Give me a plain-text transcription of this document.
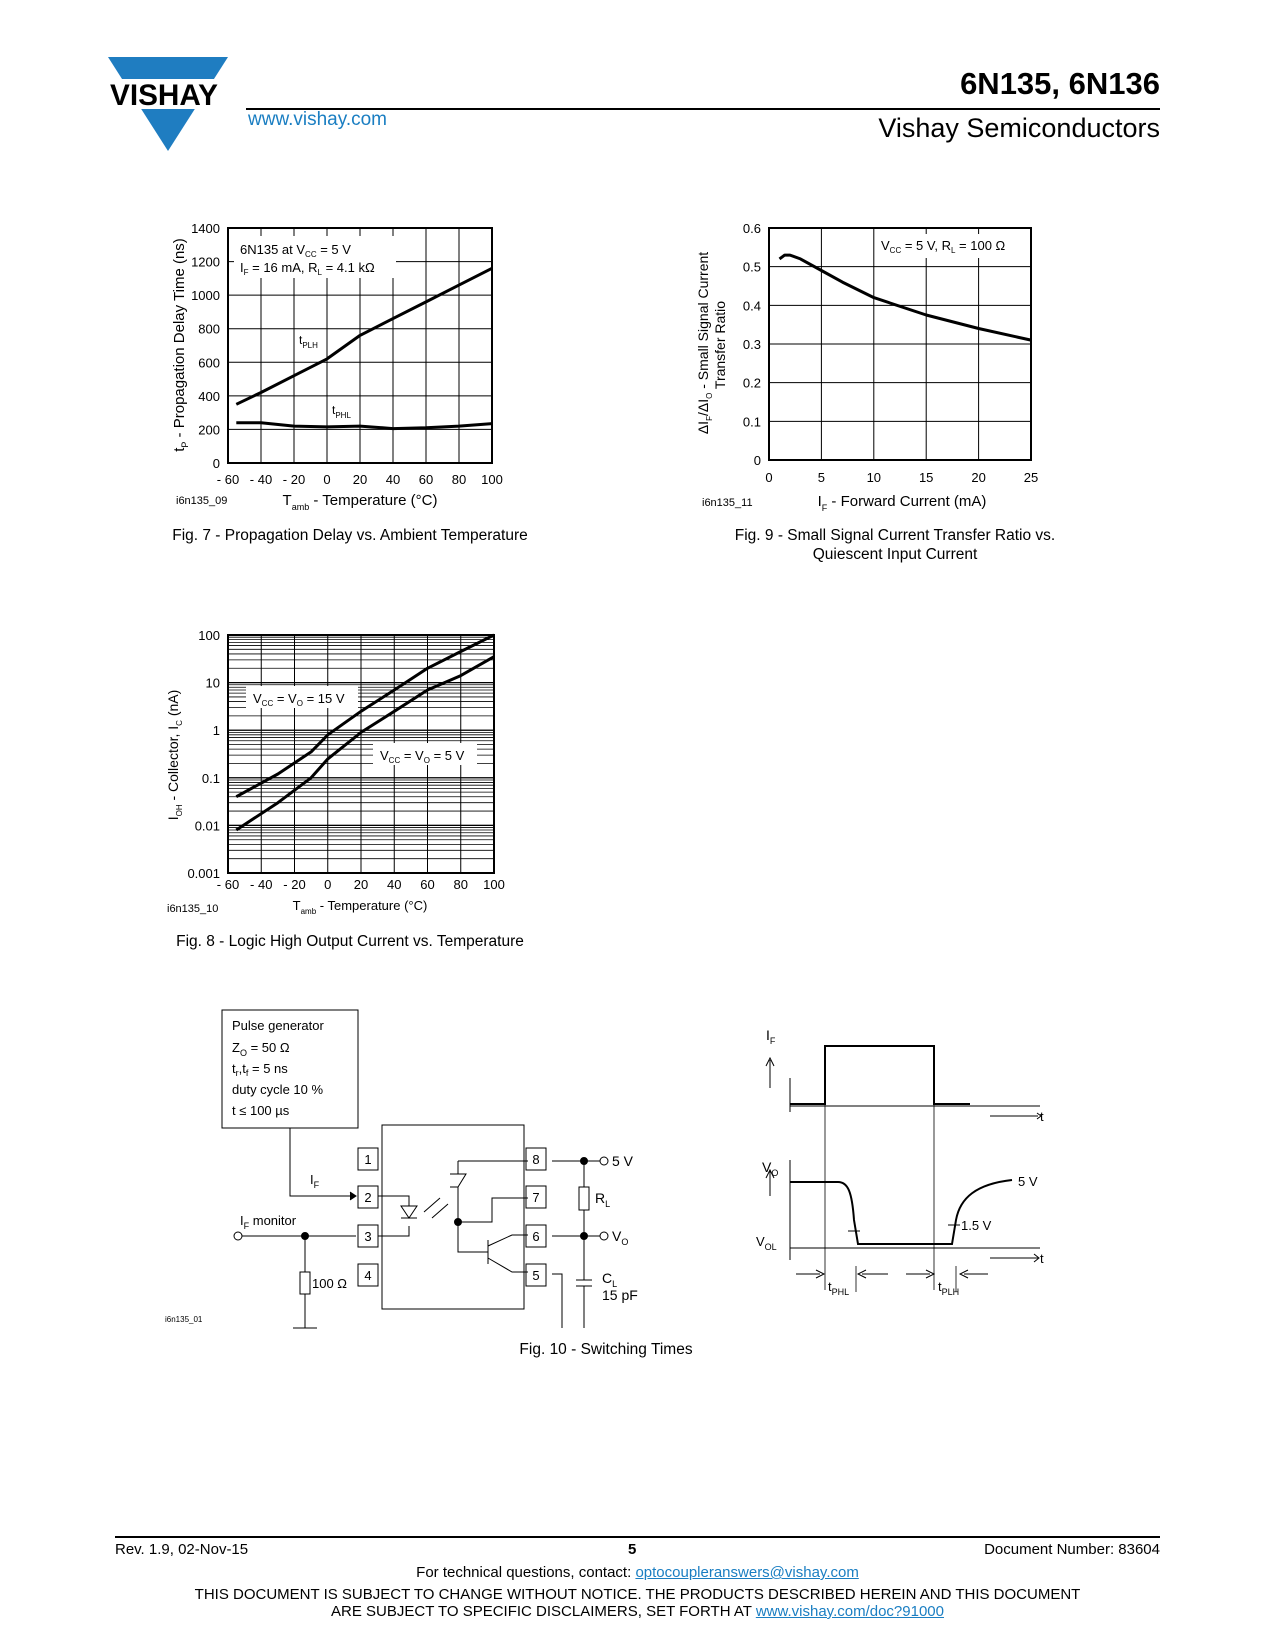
VISHAY
www.vishay.com
6N135, 6N136
Vishay Semiconductors
6N135 at $V_{CC} = 5$ V
$I_F = 16$ mA, $R_L = 4.1$ kΩ
$t_{PLH}$
$t_{PHL}$
- 60 - 40 - 20 0 20 40 60 80 100
0
200
400
600
800
1000
1200
1400
$t_P$ - Propagation Delay Time (ns)
$T_{amb}$ - Temperature (°C)
i6n135_09
Fig. 7 - Propagation Delay vs. Ambient Temperature
$V_{CC} = 5$ V, $R_L = 100$ Ω
0	5	10	15	20	25
0
0.1
0.2
0.3
0.4
0.5
0.6
$\Delta I_F/\Delta I_O$ - Small Signal Current Transfer Ratio
$I_F$ - Forward Current (mA)
i6n135_11
Fig. 9 - Small Signal Current Transfer Ratio vs.
Quiescent Input Current
$V_{CC} = V_O = 15$ V
$V_{CC} = V_O = 5$ V
- 60 - 40 - 20 0 20 40 60 80 100
0.001
0.01
0.1
1
10
100
$I_{OH}$ - Collector, $I_C$ (nA)
$T_{amb}$ - Temperature (°C)
i6n135_10
Fig. 8 - Logic High Output Current vs. Temperature
Pulse generator
$Z_O = 50$ Ω
$t_r,t_f = 5$ ns
duty cycle 10 %
t ≤ 100 µs
$I_F$
$I_F$ monitor
100 Ω
1
2
3
4
8
7
6
5
5 V
$R_L$
$V_O$
$C_L$
15 pF
i6n135_01
$I_F$
t
$V_O$
t
5 V
1.5 V
$V_{OL}$
$t_{PHL}$	$t_{PLH}$
Fig. 10 - Switching Times
Rev. 1.9, 02-Nov-15	5	Document Number: 83604
For technical questions, contact: optocoupleranswers@vishay.com
THIS DOCUMENT IS SUBJECT TO CHANGE WITHOUT NOTICE. THE PRODUCTS DESCRIBED HEREIN AND THIS DOCUMENT
ARE SUBJECT TO SPECIFIC DISCLAIMERS, SET FORTH AT www.vishay.com/doc?91000
